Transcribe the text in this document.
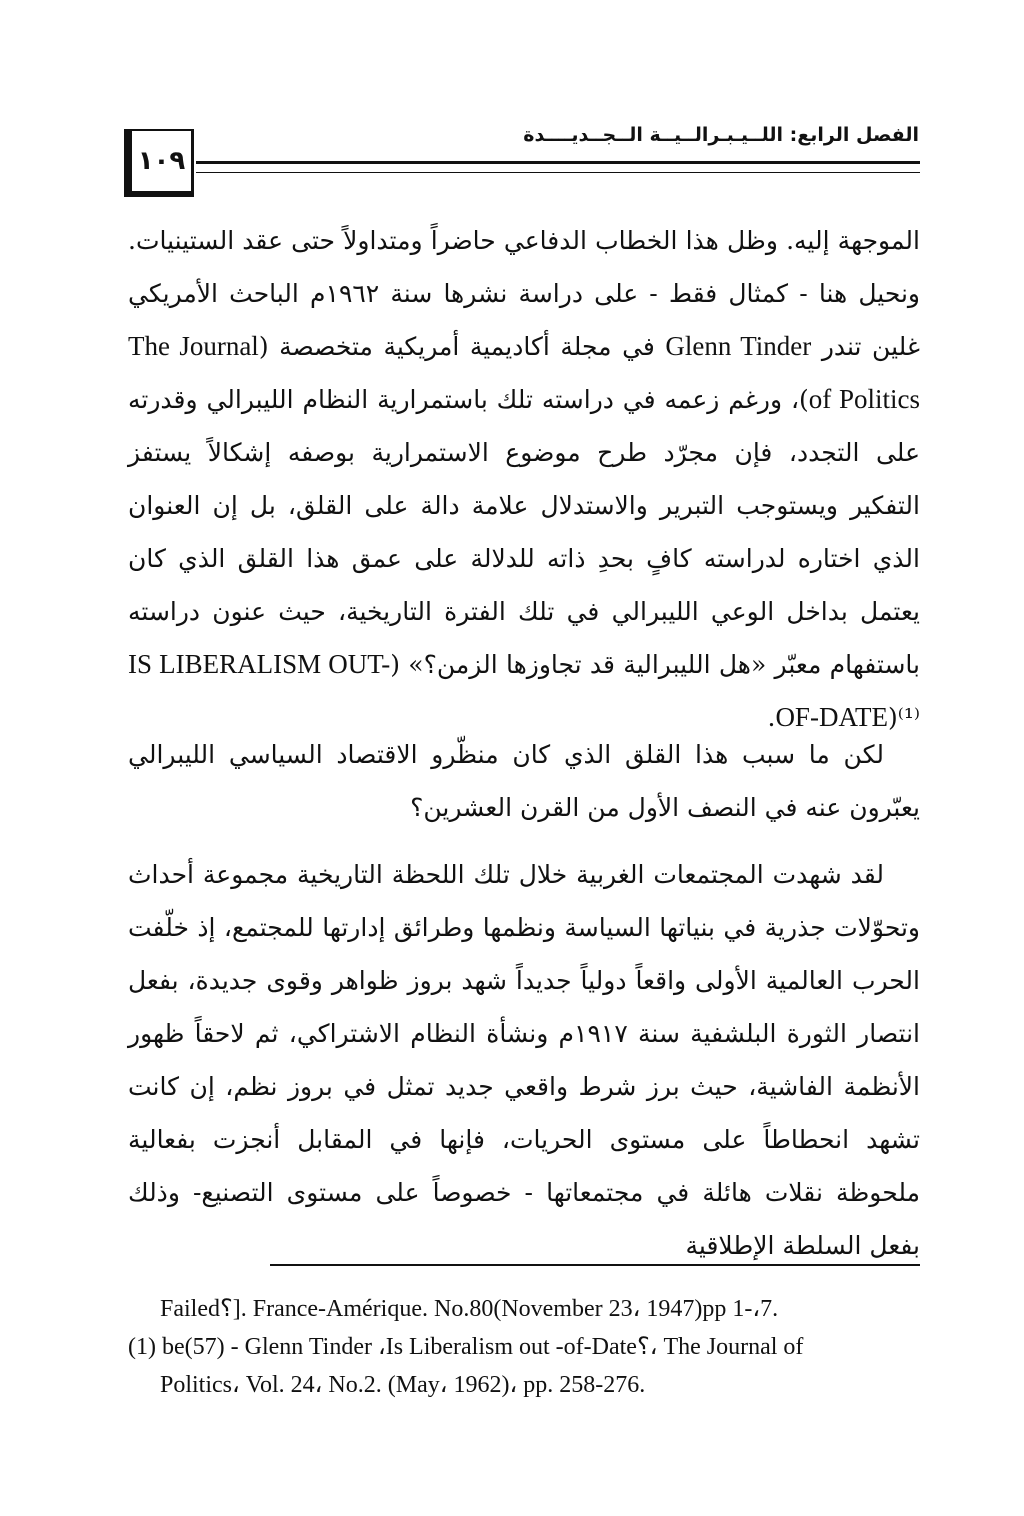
الفصل الرابع: اللــيـبـرالــيــة الــجــديــــدة
١٠٩

الموجهة إليه. وظل هذا الخطاب الدفاعي حاضراً ومتداولاً حتى عقد الستينيات. ونحيل هنا - كمثال فقط - على دراسة نشرها سنة ١٩٦٢م الباحث الأمريكي غلين تندر Glenn Tinder في مجلة أكاديمية أمريكية متخصصة (The Journal of Politics)، ورغم زعمه في دراسته تلك باستمرارية النظام الليبرالي وقدرته على التجدد، فإن مجرّد طرح موضوع الاستمرارية بوصفه إشكالاً يستفز التفكير ويستوجب التبرير والاستدلال علامة دالة على القلق، بل إن العنوان الذي اختاره لدراسته كافٍ بحدِ ذاته للدلالة على عمق هذا القلق الذي كان يعتمل بداخل الوعي الليبرالي في تلك الفترة التاريخية، حيث عنون دراسته باستفهام معبّر «هل الليبرالية قد تجاوزها الزمن؟» (IS LIBERALISM OUT-OF-DATE)⁽¹⁾.

لكن ما سبب هذا القلق الذي كان منظّرو الاقتصاد السياسي الليبرالي يعبّرون عنه في النصف الأول من القرن العشرين؟

لقد شهدت المجتمعات الغربية خلال تلك اللحظة التاريخية مجموعة أحداث وتحوّلات جذرية في بنياتها السياسة ونظمها وطرائق إدارتها للمجتمع، إذ خلّفت الحرب العالمية الأولى واقعاً دولياً جديداً شهد بروز ظواهر وقوى جديدة، بفعل انتصار الثورة البلشفية سنة ١٩١٧م ونشأة النظام الاشتراكي، ثم لاحقاً ظهور الأنظمة الفاشية، حيث برز شرط واقعي جديد تمثل في بروز نظم، إن كانت تشهد انحطاطاً على مستوى الحريات، فإنها في المقابل أنجزت بفعالية ملحوظة نقلات هائلة في مجتمعاتها - خصوصاً على مستوى التصنيع- وذلك بفعل السلطة الإطلاقية

Failed؟]. France-Amérique. No.80(November 23، 1947)pp 1-،7.
(1) be(57) - Glenn Tinder ،Is Liberalism out -of-Date؟، The Journal of
Politics، Vol. 24، No.2. (May، 1962)، pp. 258-276.
